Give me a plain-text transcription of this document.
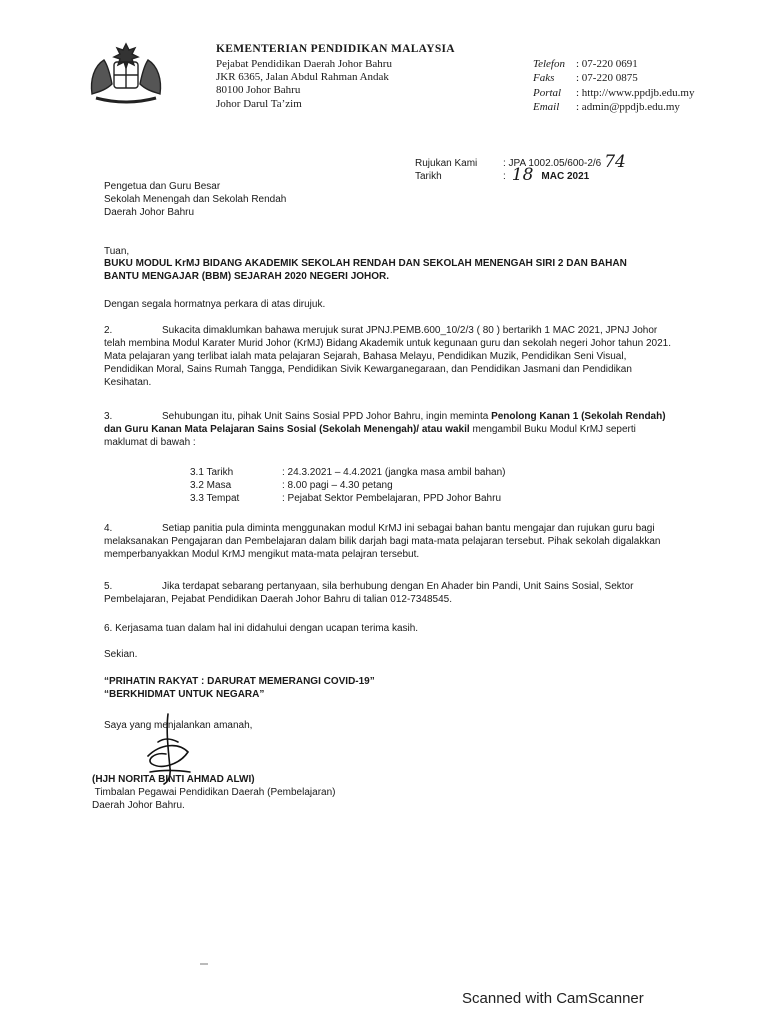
KEMENTERIAN PENDIDIKAN MALAYSIA
Pejabat Pendidikan Daerah Johor Bahru
JKR 6365, Jalan Abdul Rahman Andak
80100 Johor Bahru
Johor Darul Ta’zim
Telefon	: 07-220 0691
Faks	: 07-220 0875
Portal	: http://www.ppdjb.edu.my
Email	: admin@ppdjb.edu.my
Rujukan Kami	: JPA 1002.05/600-2/6 74
Tarikh	: 18 MAC 2021
Pengetua dan Guru Besar
Sekolah Menengah dan Sekolah Rendah
Daerah Johor Bahru
Tuan,
BUKU MODUL KrMJ BIDANG AKADEMIK SEKOLAH RENDAH DAN SEKOLAH MENENGAH SIRI 2 DAN BAHAN BANTU MENGAJAR (BBM) SEJARAH 2020 NEGERI JOHOR.
Dengan segala hormatnya perkara di atas dirujuk.
2.	Sukacita dimaklumkan bahawa merujuk surat JPNJ.PEMB.600_10/2/3 ( 80 ) bertarikh 1 MAC 2021, JPNJ Johor telah membina Modul Karater Murid Johor (KrMJ) Bidang Akademik untuk kegunaan guru dan sekolah negeri Johor tahun 2021. Mata pelajaran yang terlibat ialah mata pelajaran Sejarah, Bahasa Melayu, Pendidikan Muzik, Pendidikan Seni Visual, Pendidikan Moral, Sains Rumah Tangga, Pendidikan Sivik Kewarganegaraan, dan Pendidikan Jasmani dan Pendidikan Kesihatan.
3.	Sehubungan itu, pihak Unit Sains Sosial PPD Johor Bahru, ingin meminta Penolong Kanan 1 (Sekolah Rendah) dan Guru Kanan Mata Pelajaran Sains Sosial (Sekolah Menengah)/ atau wakil mengambil Buku Modul KrMJ seperti maklumat di bawah :
3.1 Tarikh	: 24.3.2021 – 4.4.2021 (jangka masa ambil bahan)
3.2 Masa	: 8.00 pagi – 4.30 petang
3.3 Tempat	: Pejabat Sektor Pembelajaran, PPD Johor Bahru
4.	Setiap panitia pula diminta menggunakan modul KrMJ ini sebagai bahan bantu mengajar dan rujukan guru bagi melaksanakan Pengajaran dan Pembelajaran dalam bilik darjah bagi mata-mata pelajaran tersebut. Pihak sekolah digalakkan memperbanyakkan Modul KrMJ mengikut mata-mata pelajran tersebut.
5.	Jika terdapat sebarang pertanyaan, sila berhubung dengan En Ahader bin Pandi, Unit Sains Sosial, Sektor Pembelajaran, Pejabat Pendidikan Daerah Johor Bahru di talian 012-7348545.
6. Kerjasama tuan dalam hal ini didahului dengan ucapan terima kasih.
Sekian.
“PRIHATIN RAKYAT : DARURAT MEMERANGI COVID-19”
“BERKHIDMAT UNTUK NEGARA”
Saya yang menjalankan amanah,
(HJH NORITA BINTI AHMAD ALWI)
Timbalan Pegawai Pendidikan Daerah (Pembelajaran)
Daerah Johor Bahru.
Scanned with CamScanner
